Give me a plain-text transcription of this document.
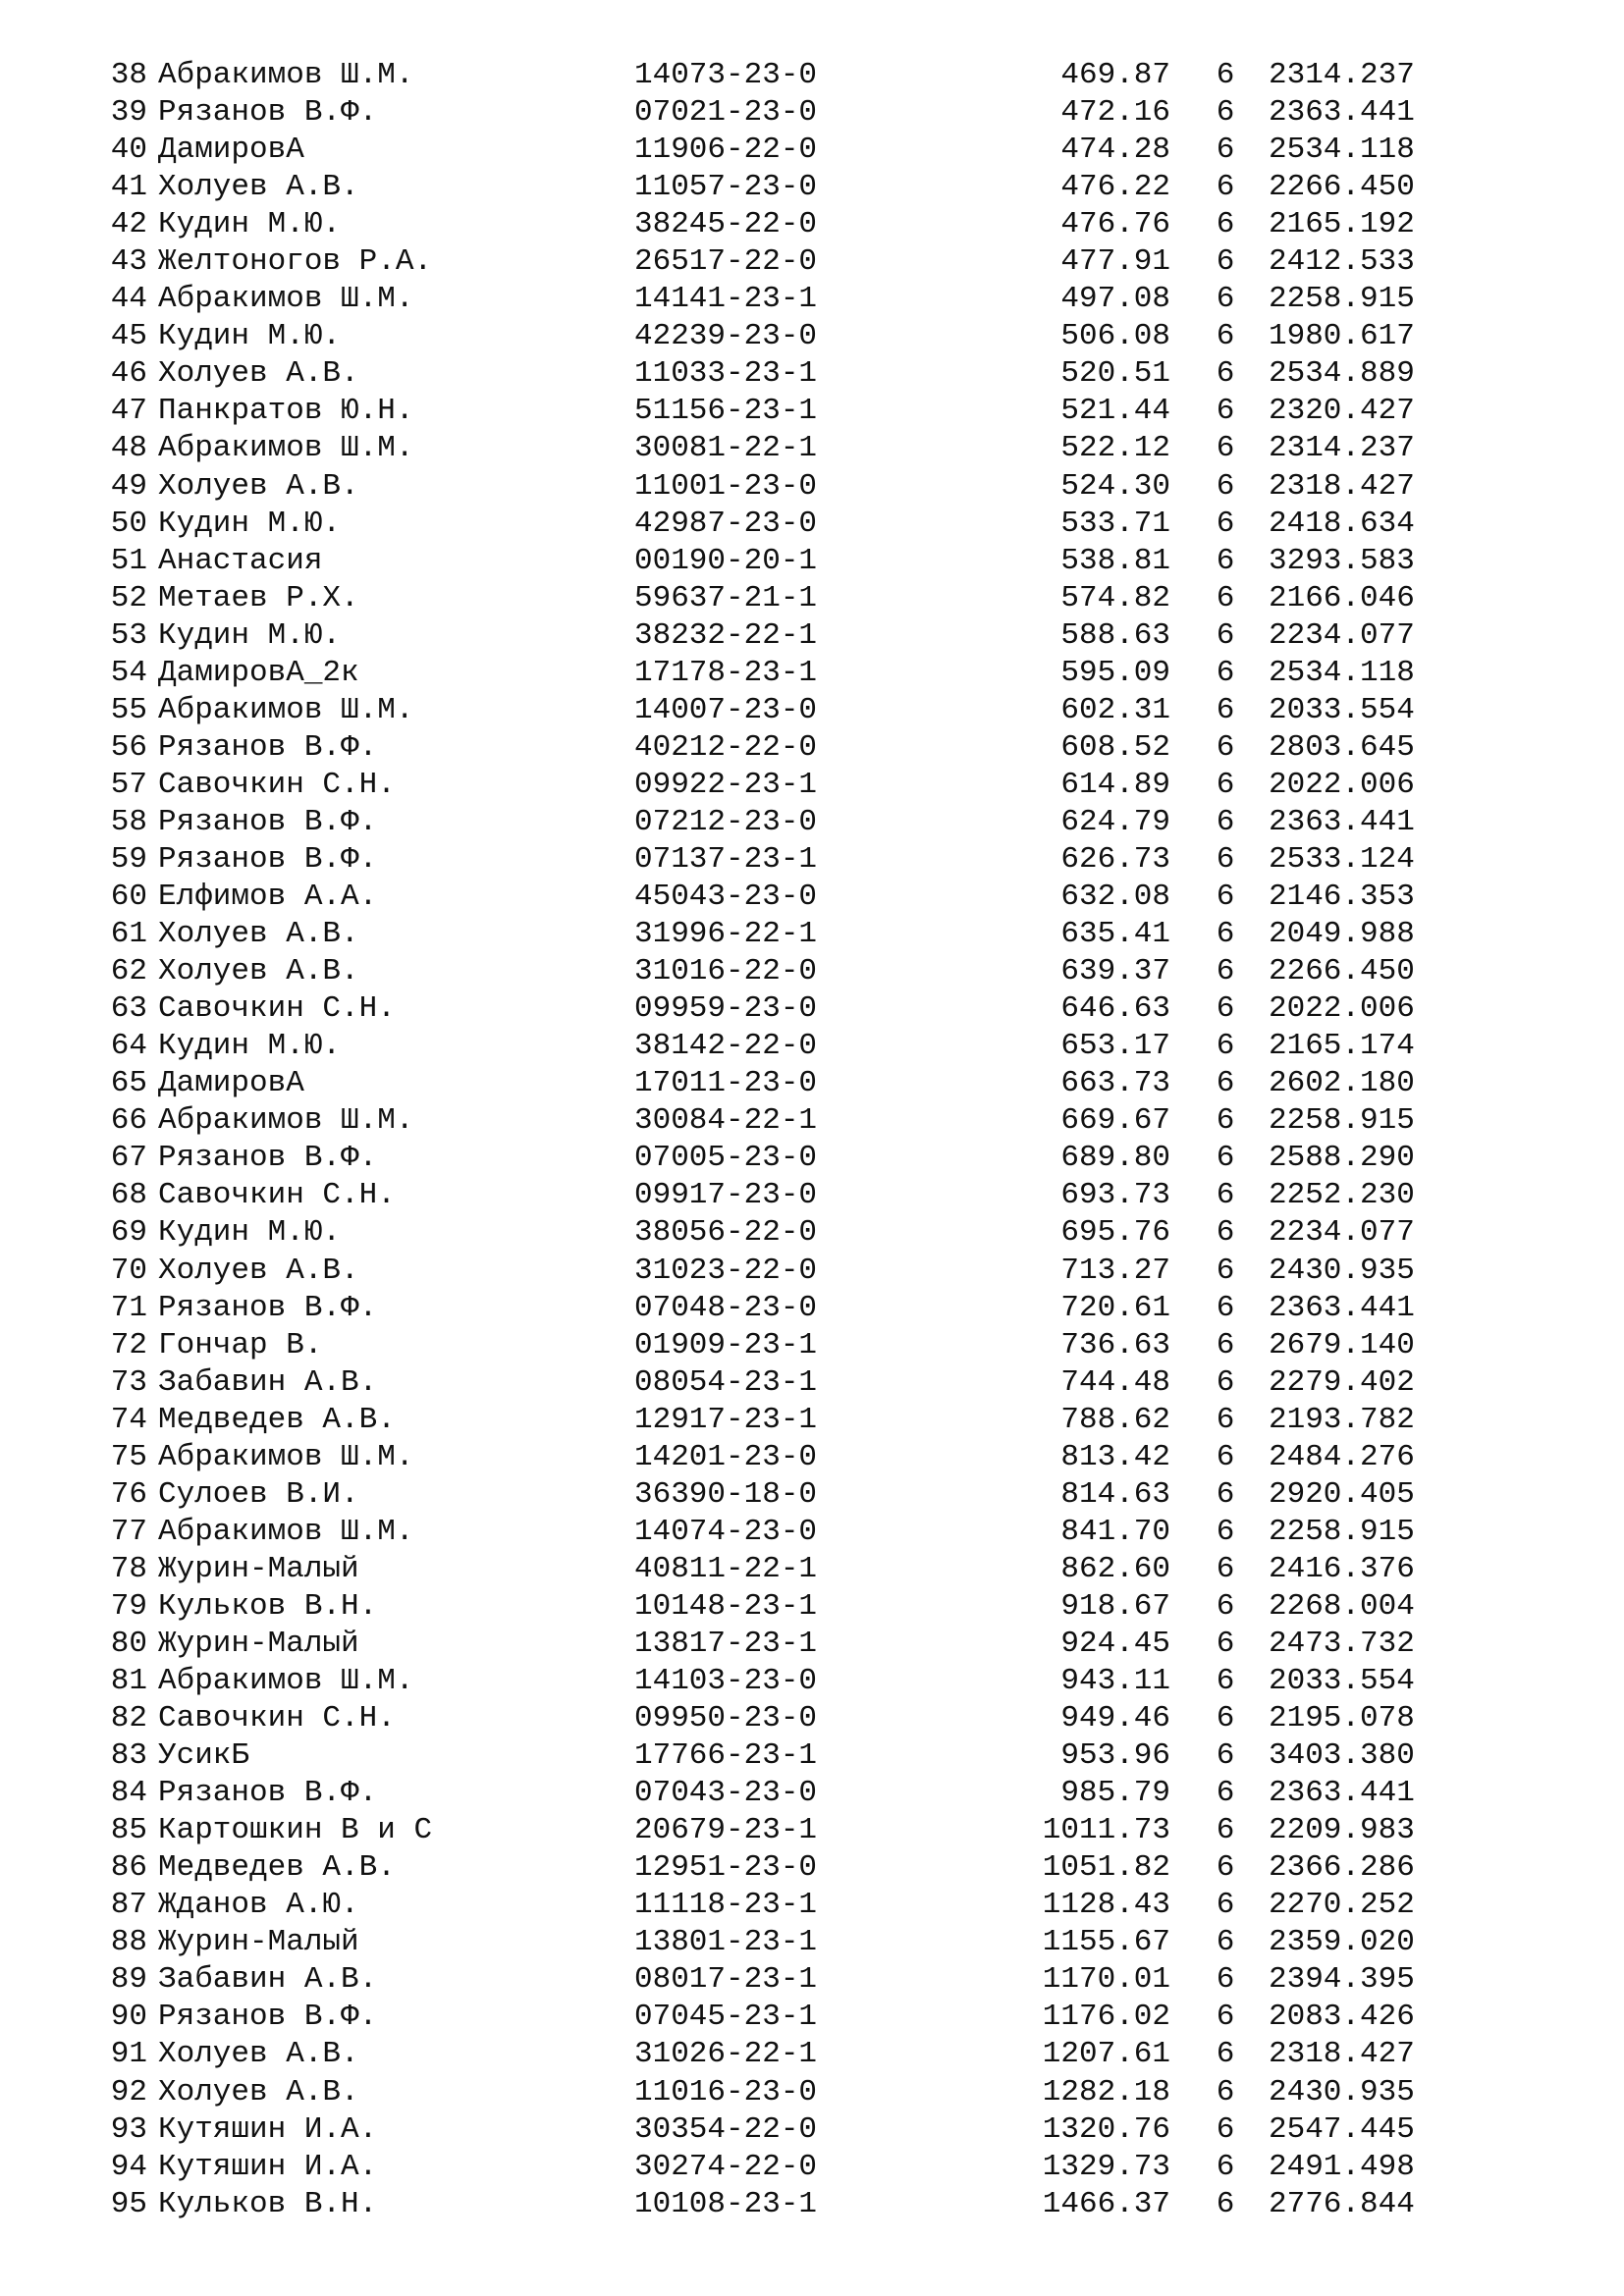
38 Абракимов Ш.М.	14073-23-0	469.87	6	2314.237
39 Рязанов В.Ф.	07021-23-0	472.16	6	2363.441
40 ДамировА	11906-22-0	474.28	6	2534.118
41 Холуев А.В.	11057-23-0	476.22	6	2266.450
42 Кудин М.Ю.	38245-22-0	476.76	6	2165.192
43 Желтоногов Р.А.	26517-22-0	477.91	6	2412.533
44 Абракимов Ш.М.	14141-23-1	497.08	6	2258.915
45 Кудин М.Ю.	42239-23-0	506.08	6	1980.617
46 Холуев А.В.	11033-23-1	520.51	6	2534.889
47 Панкратов Ю.Н.	51156-23-1	521.44	6	2320.427
48 Абракимов Ш.М.	30081-22-1	522.12	6	2314.237
49 Холуев А.В.	11001-23-0	524.30	6	2318.427
50 Кудин М.Ю.	42987-23-0	533.71	6	2418.634
51 Анастасия	00190-20-1	538.81	6	3293.583
52 Метаев Р.Х.	59637-21-1	574.82	6	2166.046
53 Кудин М.Ю.	38232-22-1	588.63	6	2234.077
54 ДамировА_2к	17178-23-1	595.09	6	2534.118
55 Абракимов Ш.М.	14007-23-0	602.31	6	2033.554
56 Рязанов В.Ф.	40212-22-0	608.52	6	2803.645
57 Савочкин С.Н.	09922-23-1	614.89	6	2022.006
58 Рязанов В.Ф.	07212-23-0	624.79	6	2363.441
59 Рязанов В.Ф.	07137-23-1	626.73	6	2533.124
60 Елфимов А.А.	45043-23-0	632.08	6	2146.353
61 Холуев А.В.	31996-22-1	635.41	6	2049.988
62 Холуев А.В.	31016-22-0	639.37	6	2266.450
63 Савочкин С.Н.	09959-23-0	646.63	6	2022.006
64 Кудин М.Ю.	38142-22-0	653.17	6	2165.174
65 ДамировА	17011-23-0	663.73	6	2602.180
66 Абракимов Ш.М.	30084-22-1	669.67	6	2258.915
67 Рязанов В.Ф.	07005-23-0	689.80	6	2588.290
68 Савочкин С.Н.	09917-23-0	693.73	6	2252.230
69 Кудин М.Ю.	38056-22-0	695.76	6	2234.077
70 Холуев А.В.	31023-22-0	713.27	6	2430.935
71 Рязанов В.Ф.	07048-23-0	720.61	6	2363.441
72 Гончар В.	01909-23-1	736.63	6	2679.140
73 Забавин А.В.	08054-23-1	744.48	6	2279.402
74 Медведев А.В.	12917-23-1	788.62	6	2193.782
75 Абракимов Ш.М.	14201-23-0	813.42	6	2484.276
76 Сулоев В.И.	36390-18-0	814.63	6	2920.405
77 Абракимов Ш.М.	14074-23-0	841.70	6	2258.915
78 Журин-Малый	40811-22-1	862.60	6	2416.376
79 Кульков В.Н.	10148-23-1	918.67	6	2268.004
80 Журин-Малый	13817-23-1	924.45	6	2473.732
81 Абракимов Ш.М.	14103-23-0	943.11	6	2033.554
82 Савочкин С.Н.	09950-23-0	949.46	6	2195.078
83 УсикБ	17766-23-1	953.96	6	3403.380
84 Рязанов В.Ф.	07043-23-0	985.79	6	2363.441
85 Картошкин В и С	20679-23-1	1011.73	6	2209.983
86 Медведев А.В.	12951-23-0	1051.82	6	2366.286
87 Жданов А.Ю.	11118-23-1	1128.43	6	2270.252
88 Журин-Малый	13801-23-1	1155.67	6	2359.020
89 Забавин А.В.	08017-23-1	1170.01	6	2394.395
90 Рязанов В.Ф.	07045-23-1	1176.02	6	2083.426
91 Холуев А.В.	31026-22-1	1207.61	6	2318.427
92 Холуев А.В.	11016-23-0	1282.18	6	2430.935
93 Кутяшин И.А.	30354-22-0	1320.76	6	2547.445
94 Кутяшин И.А.	30274-22-0	1329.73	6	2491.498
95 Кульков В.Н.	10108-23-1	1466.37	6	2776.844
